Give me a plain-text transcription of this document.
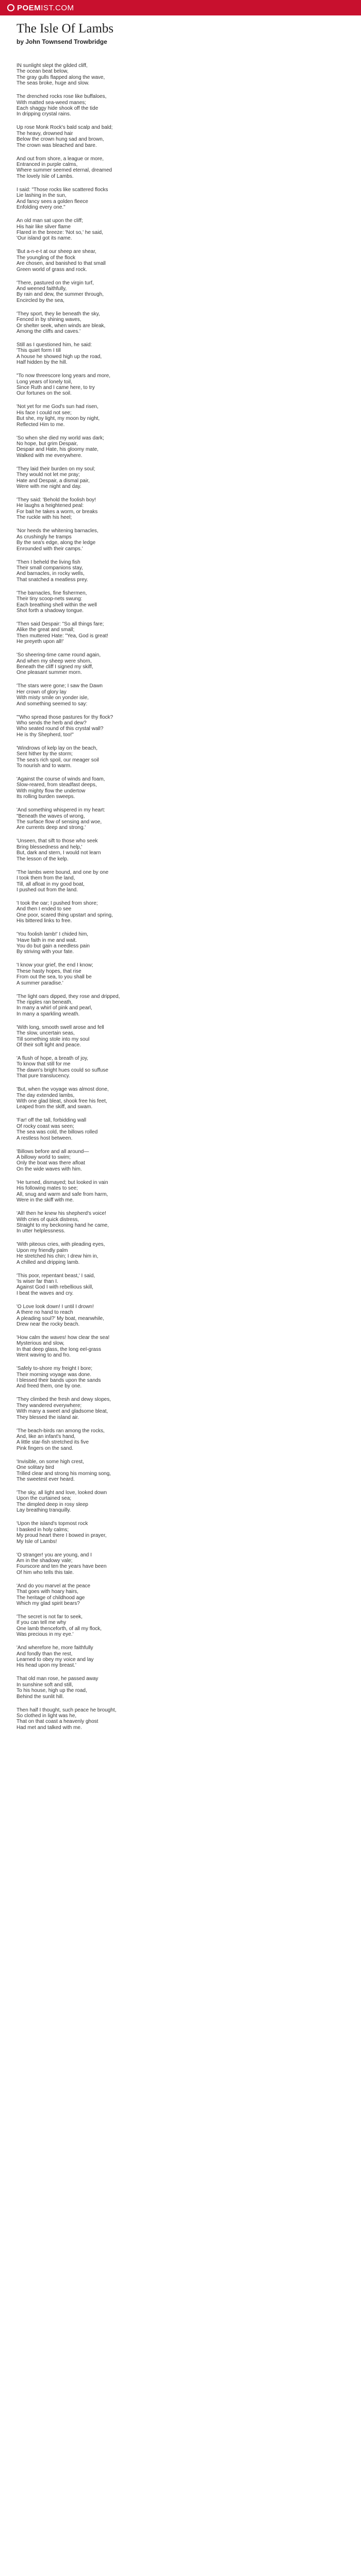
POEM IST.COM
The Isle Of Lambs
by John Townsend Trowbridge
IN sunlight slept the gilded cliff,
The ocean beat below,
The gray gulls flapped along the wave,
The seas broke, huge and slow.
The drenched rocks rose like buffaloes,
With matted sea-weed manes;
Each shaggy hide shook off the tide
In dripping crystal rains.
Up rose Monk Rock's bald scalp and bald;
The heavy, drowned hair
Below the crown hung sad and brown,
The crown was bleached and bare.
And out from shore, a league or more,
Entranced in purple calms,
Where summer seemed eternal, dreamed
The lovely Isle of Lambs.
I said: "Those rocks like scattered flocks
Lie lashing in the sun,
And fancy sees a golden fleece
Enfolding every one."
An old man sat upon the cliff;
His hair like silver flame
Flared in the breeze: 'Not so,' he said,
'Our island got its name.
'But a-n-e-t at our sheep are shear,
The youngling of the flock
Are chosen, and banished to that small
Green world of grass and rock.
'There, pastured on the virgin turf,
And weened faithfully,
By rain and dew, the summer through,
Encircled by the sea,
'They sport, they lie beneath the sky,
Fenced in by shining waves,
Or shelter seek, when winds are bleak,
Among the cliffs and caves.'
Still as I questioned him, he said:
'This quiet form I till
A house he showed high up the road,
Half hidden by the hill.
"To now threescore long years and more,
Long years of lonely toil,
Since Ruth and I came here, to try
Our fortunes on the soil.
'Not yet for me God's sun had risen,
His face I could not see;
But she, my light, my moon by night,
Reflected Him to me.
'So when she died my world was dark;
No hope, but grim Despair,
Despair and Hate, his gloomy mate,
Walked with me everywhere.
'They laid their burden on my soul;
They would not let me pray;
Hate and Despair, a dismal pair,
Were with me night and day.
'They said: 'Behold the foolish boy!
He laughs a heightened peal:
For bait he takes a worm, or breaks
The ruckle with his heel;
'Nor heeds the whitening barnacles,
As crushingly he tramps
By the sea's edge, along the ledge
Enrounded with their camps.'
'Then I beheld the living fish
Their small companions stay,
And barnacles, in rocky wells,
That snatched a meatless prey.
'The barnacles, fine fishermen,
Their tiny scoop-nets swung:
Each breathing shell within the well
Shot forth a shadowy tongue.
'Then said Despair: "So all things fare;
Alike the great and small;
Then muttered Hate: "Yea, God is great!
He preyeth upon all!'
'So sheering-time came round again,
And when my sheep were shorn,
Beneath the cliff I signed my skiff,
One pleasant summer morn.
'The stars were gone; I saw the Dawn
Her crown of glory lay
With misty smile on yonder isle,
And something seemed to say:
'"Who spread those pastures for thy flock?
Who sends the herb and dew?
Who seated round of this crystal wall?
He is thy Shepherd, too!"
'Windrows of kelp lay on the beach,
Sent hither by the storm;
The sea's rich spoil, our meager soil
To nourish and to warm.
'Against the course of winds and foam,
Slow-reared, from steadfast deeps,
With mighty flow the undertow
Its rolling burden sweeps.
'And something whispered in my heart:
"Beneath the waves of wrong,
The surface flow of sensing and woe,
Are currents deep and strong.'
'Unseen, that sift to those who seek
Bring blessedness and help,'
But, dark and stern, I would not learn
The lesson of the kelp.
'The lambs were bound, and one by one
I took them from the land,
Till, all afloat in my good boat,
I pushed out from the land.
'I took the oar; I pushed from shore;
And then I ended to see
One poor, scared thing upstart and spring,
His bittered links to free.
'You foolish lamb!' I chided him,
'Have faith in me and wait.
You do but gain a needless pain
By striving with your fate.
'I know your grief, the end I know;
These hasty hopes, that rise
From out the sea, to you shall be
A summer paradise.'
'The light oars dipped, they rose and dripped,
The ripples ran beneath,
In many a whirl of pink and pearl,
In many a sparkling wreath.
'With long, smooth swell arose and fell
The slow, uncertain seas,
Till something stole into my soul
Of their soft light and peace.
'A flush of hope, a breath of joy,
To know that still for me
The dawn's bright hues could so suffuse
That pure translucency.
'But, when the voyage was almost done,
The day extended lambs,
With one glad bleat, shook free his feet,
Leaped from the skiff, and swam.
'Far! off the tall, forbidding wall
Of rocky coast was seen;
The sea was cold, the billows rolled
A restless host between.
'Billows before and all around—
A billowy world to swim;
Only the boat was there afloat
On the wide waves with him.
'He turned, dismayed; but looked in vain
His following mates to see;
All, snug and warm and safe from harm,
Were in the skiff with me.
'All! then he knew his shepherd's voice!
With cries of quick distress,
Straight to my beckoning hand he came,
In utter helplessness.
'With piteous cries, with pleading eyes,
Upon my friendly palm
He stretched his chin; I drew him in,
A chilled and dripping lamb.
'This poor, repentant beast,' I said,
'Is wiser far than I.
Against God I with rebellious skill,
I beat the waves and cry.
'O Love look down! I until I drown!
A there no hand to reach
A pleading soul?' My boat, meanwhile,
Drew near the rocky beach.
'How calm the waves! how clear the sea!
Mysterious and slow,
In that deep glass, the long eel-grass
Went waving to and fro.
'Safely to-shore my freight I bore;
Their morning voyage was done.
I blessed their bands upon the sands
And freed them, one by one.
'They climbed the fresh and dewy slopes,
They wandered everywhere;
With many a sweet and gladsome bleat,
They blessed the island air.
'The beach-birds ran among the rocks,
And, like an infant's hand,
A little star-fish stretched its five
Pink fingers on the sand.
'Invisible, on some high crest,
One solitary bird
Trilled clear and strong his morning song,
The sweetest ever heard.
'The sky, all light and love, looked down
Upon the curtained sea;
The dimpled deep in rosy sleep
Lay breathing tranquilly.
'Upon the island's topmost rock
I basked in holy calms;
My proud heart there I bowed in prayer,
My Isle of Lambs!
'O stranger! you are young, and I
Am in the shadowy vale;
Fourscore and ten the years have been
Of him who tells this tale.
'And do you marvel at the peace
That goes with hoary hairs,
The heritage of childhood age
Which my glad spirit bears?
'The secret is not far to seek,
If you can tell me why
One lamb thenceforth, of all my flock,
Was precious in my eye.'
'And wherefore he, more faithfully
And fondly than the rest,
Learned to obey my voice and lay
His head upon my breast.'
That old man rose, he passed away
In sunshine soft and still,
To his house, high up the road,
Behind the sunlit hill.
Then half I thought, such peace he brought,
So clothed in light was he,
That on that coast a heavenly ghost
Had met and talked with me.
